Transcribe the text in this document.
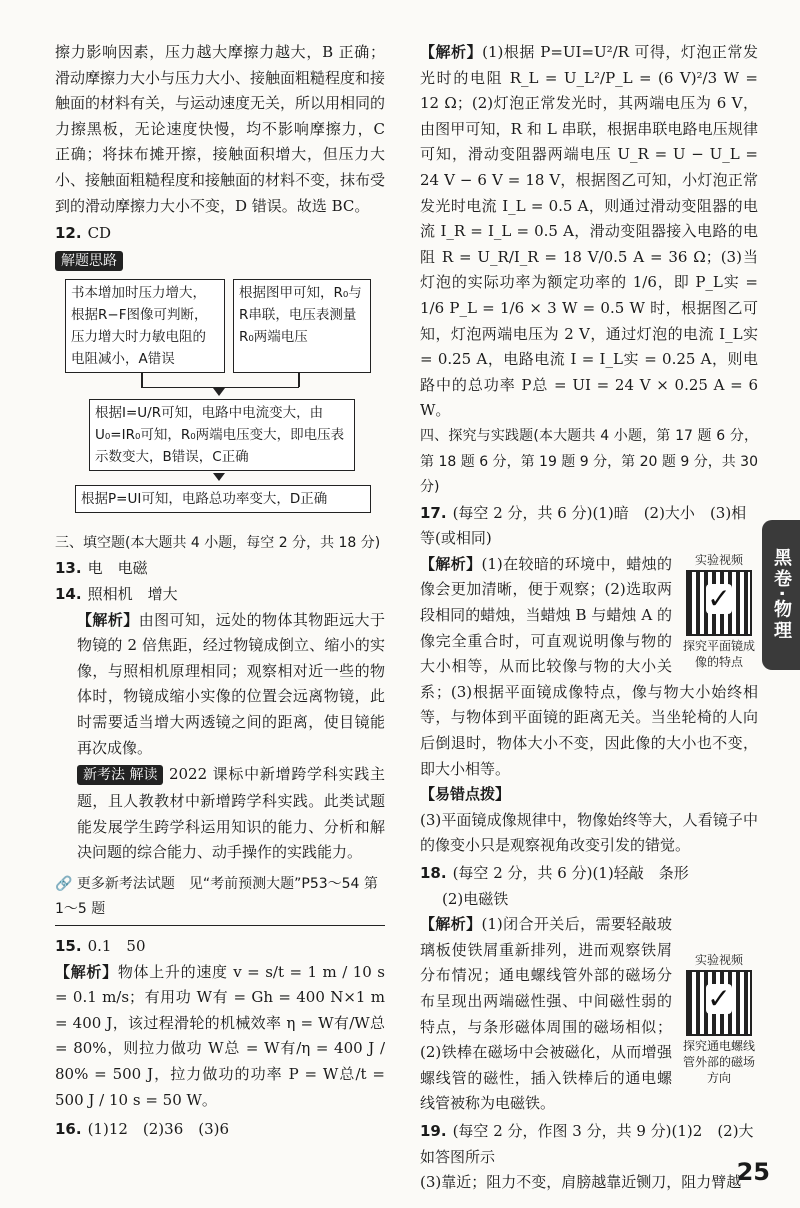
擦力影响因素，压力越大摩擦力越大，B 正确；滑动摩擦力大小与压力大小、接触面粗糙程度和接触面的材料有关，与运动速度无关，所以用相同的力擦黑板，无论速度快慢，均不影响摩擦力，C 正确；将抹布摊开擦，接触面积增大，但压力大小、接触面粗糙程度和接触面的材料不变，抹布受到的滑动摩擦力大小不变，D 错误。故选 BC。

12. CD
解题思路
书本增加时压力增大，根据R−F图像可判断，压力增大时力敏电阻的电阻减小，A错误
根据图甲可知，R₀与R串联，电压表测量R₀两端电压
根据I=U/R可知，电路中电流变大，由U₀=IR₀可知，R₀两端电压变大，即电压表示数变大，B错误，C正确
根据P=UI可知，电路总功率变大，D正确

三、填空题(本大题共 4 小题，每空 2 分，共 18 分)

13. 电　电磁
14. 照相机　增大

【解析】由图可知，远处的物体其物距远大于物镜的 2 倍焦距，经过物镜成倒立、缩小的实像，与照相机原理相同；观察相对近一些的物体时，物镜成缩小实像的位置会远离物镜，此时需要适当增大两透镜之间的距离，使目镜能再次成像。

新考法 解读 2022 课标中新增跨学科实践主题，且人教教材中新增跨学科实践。此类试题能发展学生跨学科运用知识的能力、分析和解决问题的综合能力、动手操作的实践能力。

🔗 更多新考法试题　见“考前预测大题”P53～54 第 1～5 题
15. 0.1　50

【解析】物体上升的速度 v = s/t = 1 m / 10 s = 0.1 m/s；有用功 W有 = Gh = 400 N×1 m = 400 J，该过程滑轮的机械效率 η = W有/W总 = 80%，则拉力做功 W总 = W有/η = 400 J / 80% = 500 J，拉力做功的功率 P = W总/t = 500 J / 10 s = 50 W。

16. (1)12　(2)36　(3)6

【解析】(1)根据 P=UI=U²/R 可得，灯泡正常发光时的电阻 R_L = U_L²/P_L = (6 V)²/3 W = 12 Ω；(2)灯泡正常发光时，其两端电压为 6 V，由图甲可知，R 和 L 串联，根据串联电路电压规律可知，滑动变阻器两端电压 U_R = U − U_L = 24 V − 6 V = 18 V，根据图乙可知，小灯泡正常发光时电流 I_L = 0.5 A，则通过滑动变阻器的电流 I_R = I_L = 0.5 A，滑动变阻器接入电路的电阻 R = U_R/I_R = 18 V/0.5 A = 36 Ω；(3)当灯泡的实际功率为额定功率的 1/6，即 P_L实 = 1/6 P_L = 1/6 × 3 W = 0.5 W 时，根据图乙可知，灯泡两端电压为 2 V，通过灯泡的电流 I_L实 = 0.25 A，电路电流 I = I_L实 = 0.25 A，则电路中的总功率 P总 = UI = 24 V × 0.25 A = 6 W。

四、探究与实践题(本大题共 4 小题，第 17 题 6 分，第 18 题 6 分，第 19 题 9 分，第 20 题 9 分，共 30 分)

17. (每空 2 分，共 6 分)(1)暗　(2)大小　(3)相等(或相同)
实验视频
✓
探究平面镜成像的特点

【解析】(1)在较暗的环境中，蜡烛的像会更加清晰，便于观察；(2)选取两段相同的蜡烛，当蜡烛 B 与蜡烛 A 的像完全重合时，可直观说明像与物的大小相等，从而比较像与物的大小关系；(3)根据平面镜成像特点，像与物大小始终相等，与物体到平面镜的距离无关。当坐轮椅的人向后倒退时，物体大小不变，因此像的大小也不变，即大小相等。

【易错点拨】

(3)平面镜成像规律中，物像始终等大，人看镜子中的像变小只是观察视角改变引发的错觉。

18. (每空 2 分，共 6 分)(1)轻敲　条形

(2)电磁铁

实验视频
✓
探究通电螺线管外部的磁场方向

【解析】(1)闭合开关后，需要轻敲玻璃板使铁屑重新排列，进而观察铁屑分布情况；通电螺线管外部的磁场分布呈现出两端磁性强、中间磁性弱的特点，与条形磁体周围的磁场相似；(2)铁棒在磁场中会被磁化，从而增强螺线管的磁性，插入铁棒后的通电螺线管被称为电磁铁。

19. (每空 2 分，作图 3 分，共 9 分)(1)2　(2)大　如答图所示

(3)靠近；阻力不变，肩膀越靠近铡刀，阻力臂越

黑卷·物理
25
